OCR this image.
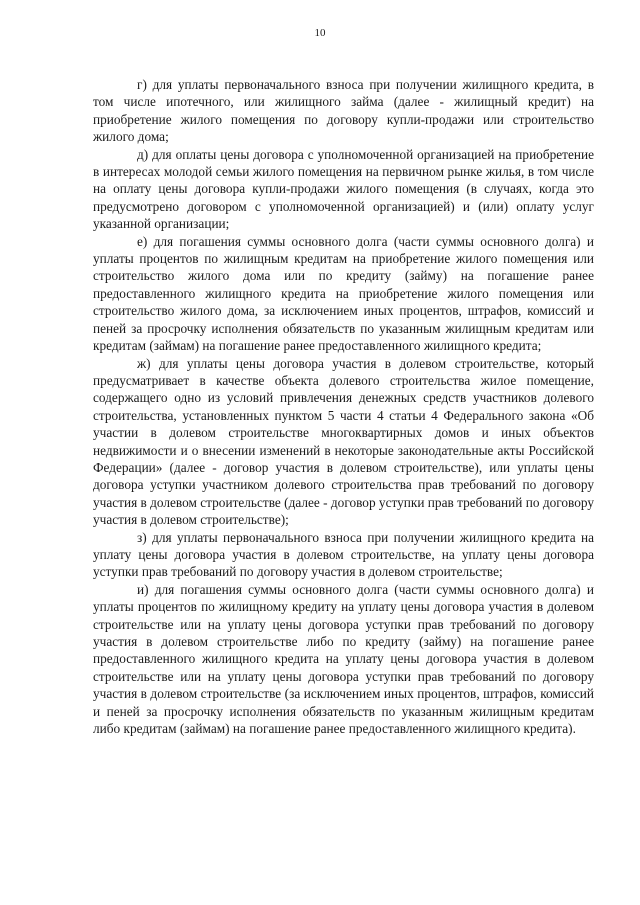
10

г) для уплаты первоначального взноса при получении жилищного кредита, в том числе ипотечного, или жилищного займа (далее - жилищный кредит) на приобретение жилого помещения по договору купли-продажи или строительство жилого дома;

д) для оплаты цены договора с уполномоченной организацией на приобретение в интересах молодой семьи жилого помещения на первичном рынке жилья, в том числе на оплату цены договора купли-продажи жилого помещения (в случаях, когда это предусмотрено договором с уполномоченной организацией) и (или) оплату услуг указанной организации;

е) для погашения суммы основного долга (части суммы основного долга) и уплаты процентов по жилищным кредитам на приобретение жилого помещения или строительство жилого дома или по кредиту (займу) на погашение ранее предоставленного жилищного кредита на приобретение жилого помещения или строительство жилого дома, за исключением иных процентов, штрафов, комиссий и пеней за просрочку исполнения обязательств по указанным жилищным кредитам или кредитам (займам) на погашение ранее предоставленного жилищного кредита;

ж) для уплаты цены договора участия в долевом строительстве, который предусматривает в качестве объекта долевого строительства жилое помещение, содержащего одно из условий привлечения денежных средств участников долевого строительства, установленных пунктом 5 части 4 статьи 4 Федерального закона «Об участии в долевом строительстве многоквартирных домов и иных объектов недвижимости и о внесении изменений в некоторые законодательные акты Российской Федерации» (далее - договор участия в долевом строительстве), или уплаты цены договора уступки участником долевого строительства прав требований по договору участия в долевом строительстве (далее - договор уступки прав требований по договору участия в долевом строительстве);

з) для уплаты первоначального взноса при получении жилищного кредита на уплату цены договора участия в долевом строительстве, на уплату цены договора уступки прав требований по договору участия в долевом строительстве;

и) для погашения суммы основного долга (части суммы основного долга) и уплаты процентов по жилищному кредиту на уплату цены договора участия в долевом строительстве или на уплату цены договора уступки прав требований по договору участия в долевом строительстве либо по кредиту (займу) на погашение ранее предоставленного жилищного кредита на уплату цены договора участия в долевом строительстве или на уплату цены договора уступки прав требований по договору участия в долевом строительстве (за исключением иных процентов, штрафов, комиссий и пеней за просрочку исполнения обязательств по указанным жилищным кредитам либо кредитам (займам) на погашение ранее предоставленного жилищного кредита).
